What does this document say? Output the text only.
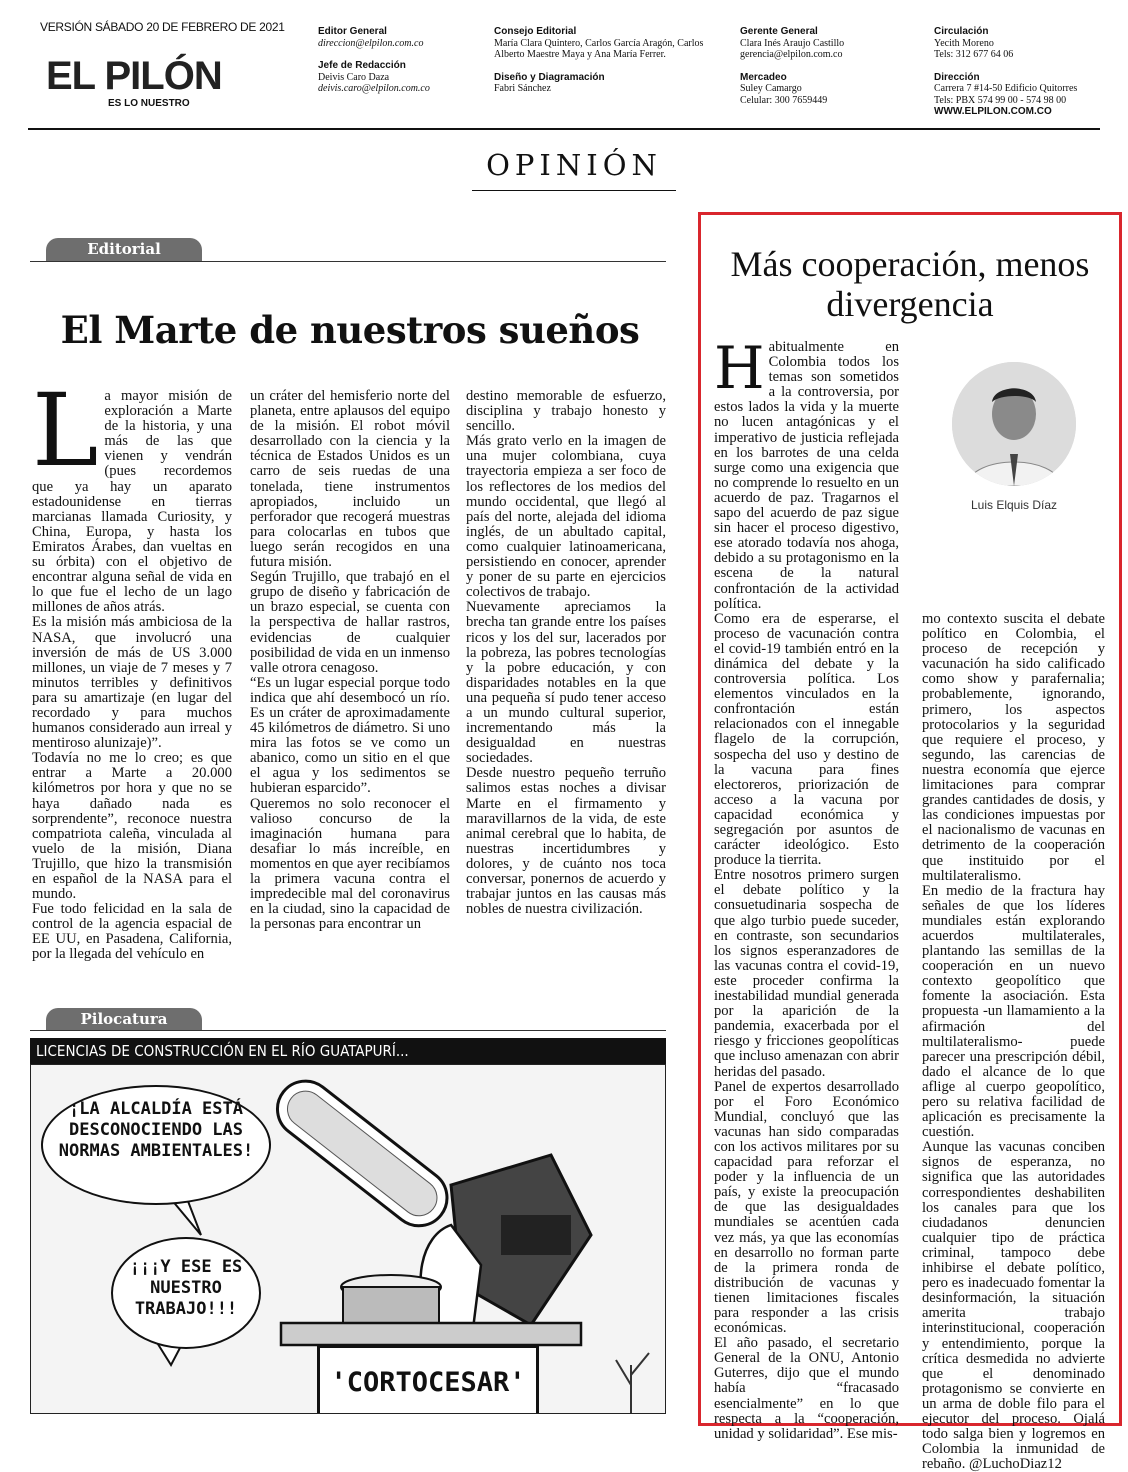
VERSIÓN SÁBADO 20 DE FEBRERO DE 2021
EL PILÓN
ES LO NUESTRO
Editor General
direccion@elpilon.com.co
Jefe de Redacción
Deivis Caro Daza
deivis.caro@elpilon.com.co
Consejo Editorial
María Clara Quintero, Carlos García Aragón, Carlos Alberto Maestre Maya y Ana María Ferrer.
Diseño y Diagramación
Fabri Sánchez
Gerente General
Clara Inés Araujo Castillo
gerencia@elpilon.com.co
Mercadeo
Suley Camargo
Celular: 300 7659449
Circulación
Yecith Moreno
Tels: 312 677 64 06
Dirección
Carrera 7 #14-50 Edificio Quitorres
Tels: PBX 574 99 00 - 574 98 00
WWW.ELPILON.COM.CO
OPINIÓN
Editorial
El Marte de nuestros sueños
L a mayor misión de exploración a Marte de la historia, y una más de las que vienen y vendrán (pues recordemos que ya hay un aparato estadounidense en tierras marcianas llamada Curiosity, y China, Europa, y hasta los Emiratos Árabes, dan vueltas en su órbita) con el objetivo de encontrar alguna señal de vida en lo que fue el lecho de un lago millones de años atrás.

Es la misión más ambiciosa de la NASA, que involucró una inversión de más de US 3.000 millones, un viaje de 7 meses y 7 minutos terribles y definitivos para su amartizaje (en lugar del recordado y para muchos humanos considerado aun irreal y mentiroso alunizaje)”.

Todavía no me lo creo; es que entrar a Marte a 20.000 kilómetros por hora y que no se haya dañado nada es sorprendente”, reconoce nuestra compatriota caleña, vinculada al vuelo de la misión, Diana Trujillo, que hizo la transmisión en español de la NASA para el mundo.

Fue todo felicidad en la sala de control de la agencia espacial de EE UU, en Pasadena, California, por la llegada del vehículo en

un cráter del hemisferio norte del planeta, entre aplausos del equipo de la misión. El robot móvil desarrollado con la ciencia y la técnica de Estados Unidos es un carro de seis ruedas de una tonelada, tiene instrumentos apropiados, incluido un perforador que recogerá muestras para colocarlas en tubos que luego serán recogidos en una futura misión.

Según Trujillo, que trabajó en el grupo de diseño y fabricación de un brazo especial, se cuenta con la perspectiva de hallar rastros, evidencias de cualquier posibilidad de vida en un inmenso valle otrora cenagoso.

“Es un lugar especial porque todo indica que ahí desembocó un río. Es un cráter de aproximadamente 45 kilómetros de diámetro. Si uno mira las fotos se ve como un abanico, como un sitio en el que el agua y los sedimentos se hubieran esparcido”.

Queremos no solo reconocer el valioso concurso de la imaginación humana para desafiar lo más increíble, en momentos en que ayer recibíamos la primera vacuna contra el impredecible mal del coronavirus en la ciudad, sino la capacidad de la personas para encontrar un

destino memorable de esfuerzo, disciplina y trabajo honesto y sencillo.

Más grato verlo en la imagen de una mujer colombiana, cuya trayectoria empieza a ser foco de los reflectores de los medios del mundo occidental, que llegó al país del norte, alejada del idioma inglés, de un abultado capital, como cualquier latinoamericana, persistiendo en conocer, aprender y poner de su parte en ejercicios colectivos de trabajo.

Nuevamente apreciamos la brecha tan grande entre los países ricos y los del sur, lacerados por la pobreza, las pobres tecnologías y la pobre educación, y con disparidades notables en la que una pequeña sí pudo tener acceso a un mundo cultural superior, incrementando más la desigualdad en nuestras sociedades.

Desde nuestro pequeño terruño salimos estas noches a divisar Marte en el firmamento y maravillarnos de la vida, de este animal cerebral que lo habita, de nuestras incertidumbres y dolores, y de cuánto nos toca conversar, ponernos de acuerdo y trabajar juntos en las causas más nobles de nuestra civilización.

Pilocatura
LICENCIAS DE CONSTRUCCIÓN EN EL RÍO GUATAPURÍ...
¡LA ALCALDÍA ESTÁ DESCONOCIENDO LAS NORMAS AMBIENTALES!
¡¡¡Y ESE ES NUESTRO TRABAJO!!!
'CORTOCESAR'
Más cooperación, menos divergencia
Luis Elquis Díaz
H abitualmente en Colombia todos los temas son sometidos a la controversia, por estos lados la vida y la muerte no lucen antagónicas y el imperativo de justicia reflejada en los barrotes de una celda surge como una exigencia que no comprende lo resuelto en un acuerdo de paz. Tragarnos el sapo del acuerdo de paz sigue sin hacer el proceso digestivo, ese atorado todavía nos ahoga, debido a su protagonismo en la escena de la natural confrontación de la actividad política.

Como era de esperarse, el proceso de vacunación contra el covid-19 también entró en la dinámica del debate y la controversia política. Los elementos vinculados en la confrontación están relacionados con el innegable flagelo de la corrupción, sospecha del uso y destino de la vacuna para fines electoreros, priorización de acceso a la vacuna por capacidad económica y segregación por asuntos de carácter ideológico. Esto produce la tierrita.

Entre nosotros primero surgen el debate político y la consuetudinaria sospecha de que algo turbio puede suceder, en contraste, son secundarios los signos esperanzadores de las vacunas contra el covid-19, este proceder confirma la inestabilidad mundial generada por la aparición de la pandemia, exacerbada por el riesgo y fricciones geopolíticas que incluso amenazan con abrir heridas del pasado.

Panel de expertos desarrollado por el Foro Económico Mundial, concluyó que las vacunas han sido comparadas con los activos militares por su capacidad para reforzar el poder y la influencia de un país, y existe la preocupación de que las desigualdades mundiales se acentúen cada vez más, ya que las economías en desarrollo no forman parte de la primera ronda de distribución de vacunas y tienen limitaciones fiscales para responder a las crisis económicas.

El año pasado, el secretario General de la ONU, Antonio Guterres, dijo que el mundo había “fracasado esencialmente” en lo que respecta a la “cooperación, unidad y solidaridad”. Ese mis-

mo contexto suscita el debate político en Colombia, el proceso de recepción y vacunación ha sido calificado como show y parafernalia; probablemente, ignorando, primero, los aspectos protocolarios y la seguridad que requiere el proceso, y segundo, las carencias de nuestra economía que ejerce limitaciones para comprar grandes cantidades de dosis, y las condiciones impuestas por el nacionalismo de vacunas en detrimento de la cooperación que instituido por el multilateralismo.

En medio de la fractura hay señales de que los líderes mundiales están explorando acuerdos multilaterales, plantando las semillas de la cooperación en un nuevo contexto geopolítico que fomente la asociación. Esta propuesta -un llamamiento a la afirmación del multilateralismo- puede parecer una prescripción débil, dado el alcance de lo que aflige al cuerpo geopolítico, pero su relativa facilidad de aplicación es precisamente la cuestión.

Aunque las vacunas conciben signos de esperanza, no significa que las autoridades correspondientes deshabiliten los canales para que los ciudadanos denuncien cualquier tipo de práctica criminal, tampoco debe inhibirse el debate político, pero es inadecuado fomentar la desinformación, la situación amerita trabajo interinstitucional, cooperación y entendimiento, porque la crítica desmedida no advierte que el denominado protagonismo se convierte en un arma de doble filo para el ejecutor del proceso. Ojalá todo salga bien y logremos en Colombia la inmunidad de rebaño. @LuchoDiaz12
